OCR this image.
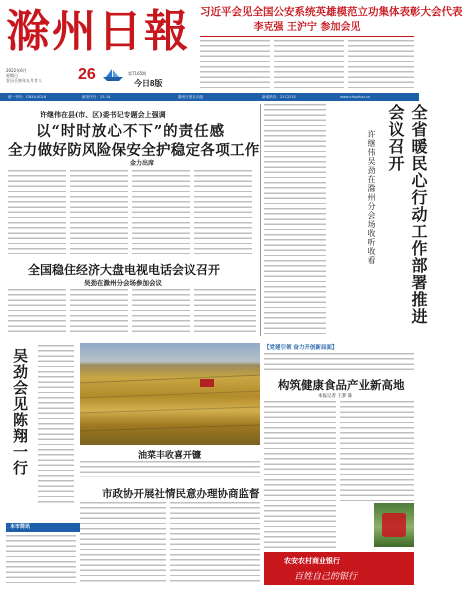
滁州日報 习近平会见全国公安系统英雄模范立功集体表彰大会代表
李克强 王沪宁 参加会见
2022年6月
星期日
农历壬寅年五月廿八	26	第7165期
今日8版
统一刊号：CN34-0016	邮发代号：25-14	滁州日报社出版	新闻热线：2112232	www.chuzhou.cn
许继伟在县(市、区)委书记专题会上强调
以“时时放心不下”的责任感
全力做好防风险保安全护稳定各项工作
金力出席	全省暖民心行动工作部署推进会议召开
许继伟吴劲在滁州分会场收听收看
全国稳住经济大盘电视电话会议召开
吴劲在滁州分会场参加会议
吴劲会见陈翔一行	油菜丰收喜开镰
市政协开展社情民意办理协商监督
本市简讯
【党建引领 奋力开创新局面】
构筑健康食品产业新高地
本报记者 王梦 陈
农安农村商业银行
百姓自己的银行
